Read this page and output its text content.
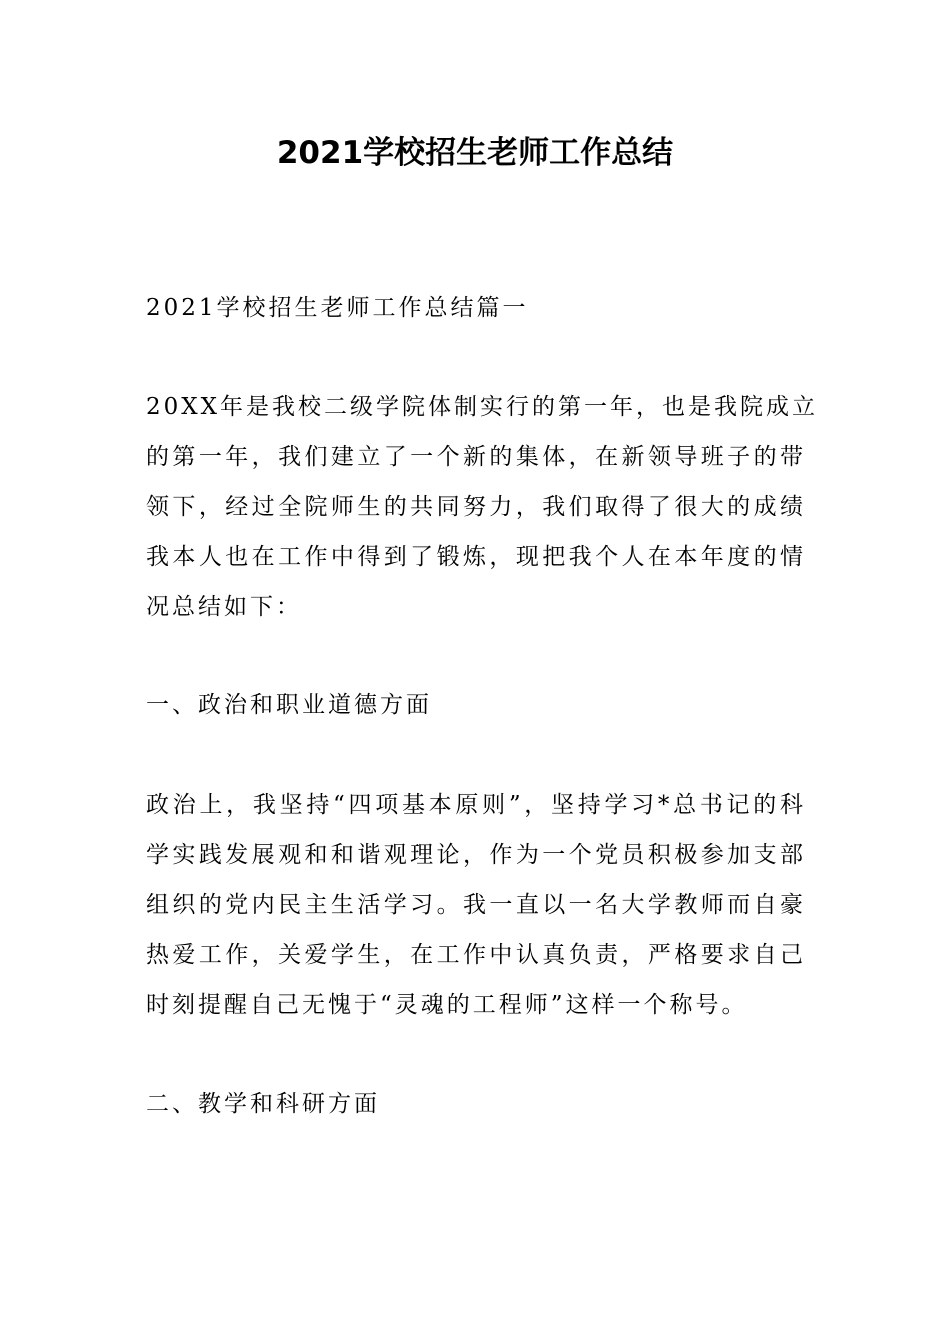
2021学校招生老师工作总结

2021学校招生老师工作总结篇一

20XX年是我校二级学院体制实行的第一年，也是我院成立
的第一年，我们建立了一个新的集体，在新领导班子的带
领下，经过全院师生的共同努力，我们取得了很大的成绩
我本人也在工作中得到了锻炼，现把我个人在本年度的情
况总结如下：

一、政治和职业道德方面

政治上，我坚持“四项基本原则”，坚持学习*总书记的科
学实践发展观和和谐观理论，作为一个党员积极参加支部
组织的党内民主生活学习。我一直以一名大学教师而自豪
热爱工作，关爱学生，在工作中认真负责，严格要求自己
时刻提醒自己无愧于“灵魂的工程师”这样一个称号。

二、教学和科研方面
